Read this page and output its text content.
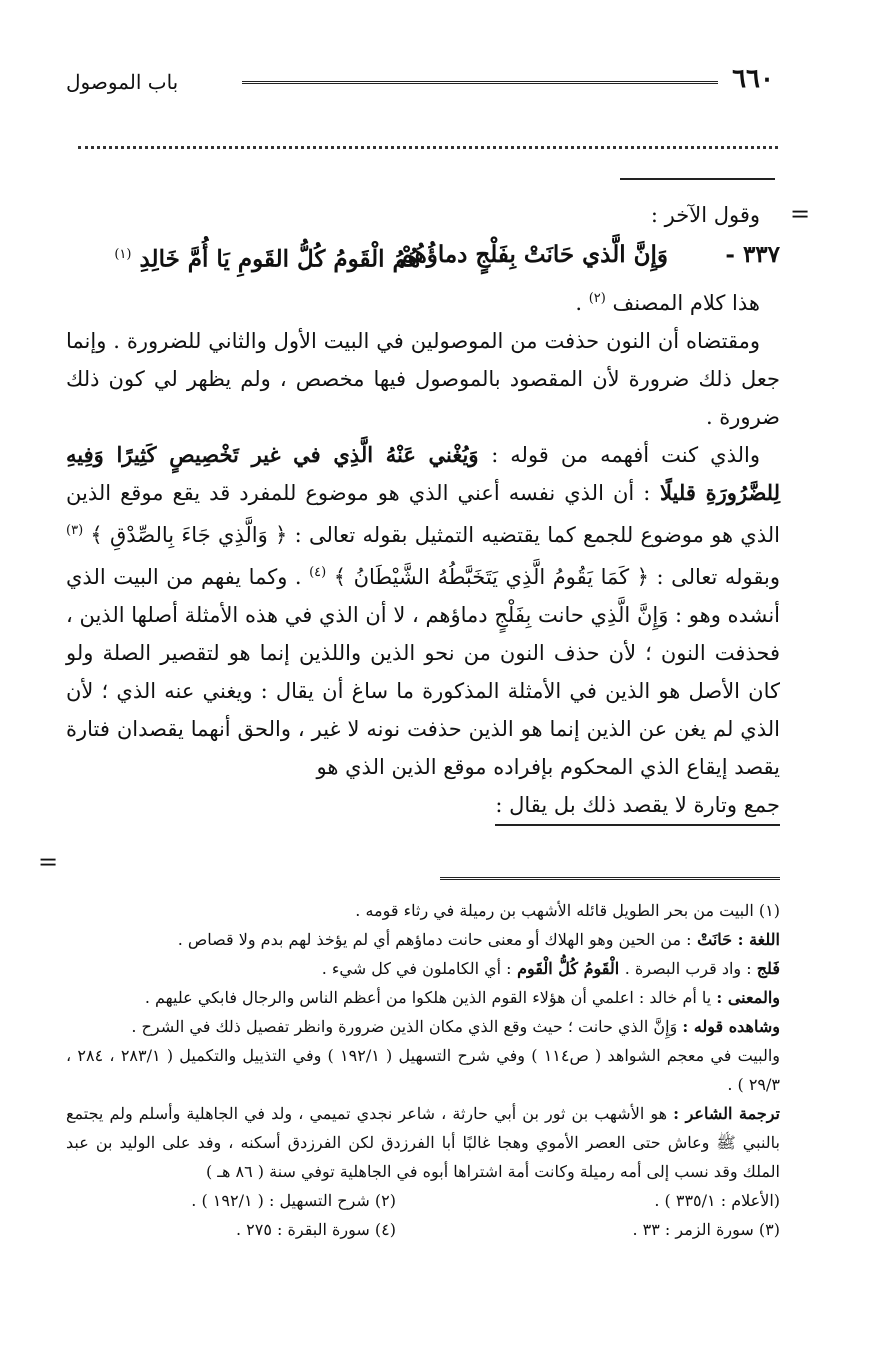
باب الموصول	٦٦٠
=

وقول الآخر :

٣٣٧ -
وَإِنَّ الَّذي حَانَتْ بِفَلْجٍ دماؤُهُمْ
هُمُ الْقَومُ كُلُّ القَومِ يَا أُمَّ خَالِدِ $^{(١)}$

هذا كلام المصنف $^{(٢)}$ .

ومقتضاه أن النون حذفت من الموصولين في البيت الأول والثاني للضرورة . وإنما جعل ذلك ضرورة لأن المقصود بالموصول فيها مخصص ، ولم يظهر لي كون ذلك ضرورة .

والذي كنت أفهمه من قوله : وَيُغْني عَنْهُ الَّذِي في غير تَخْصِيصٍ كَثِيرًا وَفِيهِ لِلضَّرُورَةِ قليلًا : أن الذي نفسه أعني الذي هو موضوع للمفرد قد يقع موقع الذين الذي هو موضوع للجمع كما يقتضيه التمثيل بقوله تعالى : ﴿ وَالَّذِي جَاءَ بِالصِّدْقِ ﴾ $^{(٣)}$ وبقوله تعالى : ﴿ كَمَا يَقُومُ الَّذِي يَتَخَبَّطُهُ الشَّيْطَانُ ﴾ $^{(٤)}$ . وكما يفهم من البيت الذي أنشده وهو : وَإِنَّ الَّذِي حانت بِفَلْجٍ دماؤهم ، لا أن الذي في هذه الأمثلة أصلها الذين ، فحذفت النون ؛ لأن حذف النون من نحو الذين واللذين إنما هو لتقصير الصلة ولو كان الأصل هو الذين في الأمثلة المذكورة ما ساغ أن يقال : ويغني عنه الذي ؛ لأن الذي لم يغن عن الذين إنما هو الذين حذفت نونه لا غير ، والحق أنهما يقصدان فتارة يقصد إيقاع الذي المحكوم بإفراده موقع الذين الذي هو

جمع وتارة لا يقصد ذلك بل يقال :

=

(١) البيت من بحر الطويل قائله الأشهب بن رميلة في رثاء قومه .

اللغة : حَانَتْ : من الحين وهو الهلاك أو معنى حانت دماؤهم أي لم يؤخذ لهم بدم ولا قصاص .

فَلج : واد قرب البصرة . الْقَومُ كُلُّ الْقَوم : أي الكاملون في كل شيء .

والمعنى : يا أم خالد : اعلمي أن هؤلاء القوم الذين هلكوا من أعظم الناس والرجال فابكي عليهم .

وشاهده قوله : وَإِنَّ الذي حانت ؛ حيث وقع الذي مكان الذين ضرورة وانظر تفصيل ذلك في الشرح .

والبيت في معجم الشواهد ( ص١١٤ ) وفي شرح التسهيل ( ١٩٢/١ ) وفي التذييل والتكميل ( ٢٨٣/١ ، ٢٨٤ ، ٢٩/٣ ) .

ترجمة الشاعر : هو الأشهب بن ثور بن أبي حارثة ، شاعر نجدي تميمي ، ولد في الجاهلية وأسلم ولم يجتمع بالنبي ﷺ وعاش حتى العصر الأموي وهجا غالبًا أبا الفرزدق لكن الفرزدق أسكنه ، وفد على الوليد بن عبد الملك وقد نسب إلى أمه رميلة وكانت أمة اشتراها أبوه في الجاهلية توفي سنة ( ٨٦ هـ )

(الأعلام : ٣٣٥/١ ) .
(٢) شرح التسهيل : ( ١٩٢/١ ) .
(٣) سورة الزمر : ٣٣ .
(٤) سورة البقرة : ٢٧٥ .
